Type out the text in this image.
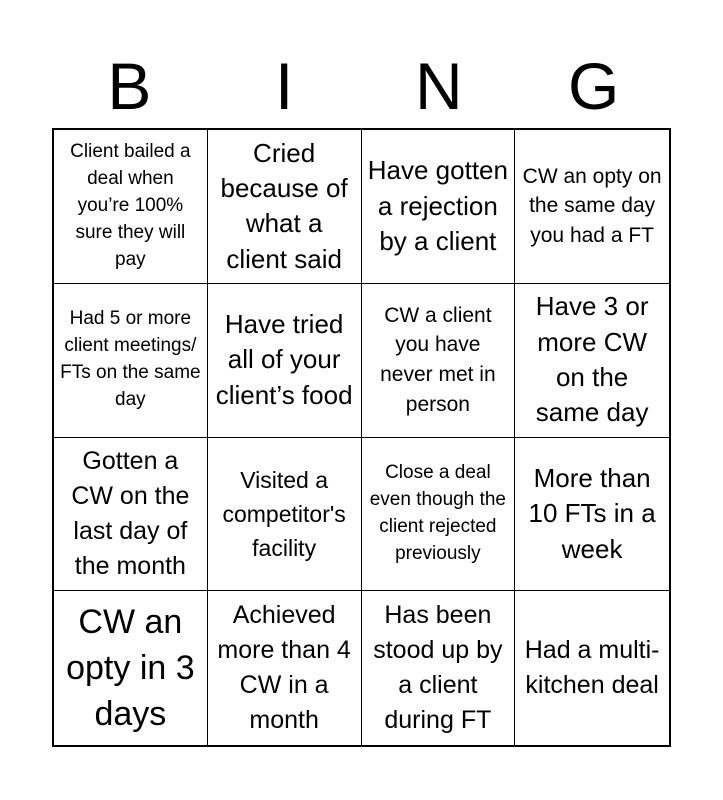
B	I	N	G
Client bailed a deal when you’re 100% sure they will pay
Cried because of what a client said
Have gotten a rejection by a client
CW an opty on the same day you had a FT
Had 5 or more client meetings/ FTs on the same day
Have tried all of your client’s food
CW a client you have never met in person
Have 3 or more CW on the same day
Gotten a CW on the last day of the month
Visited a competitor's facility
Close a deal even though the client rejected previously
More than 10 FTs in a week
CW an opty in 3 days
Achieved more than 4 CW in a month
Has been stood up by a client during FT
Had a multi-kitchen deal
